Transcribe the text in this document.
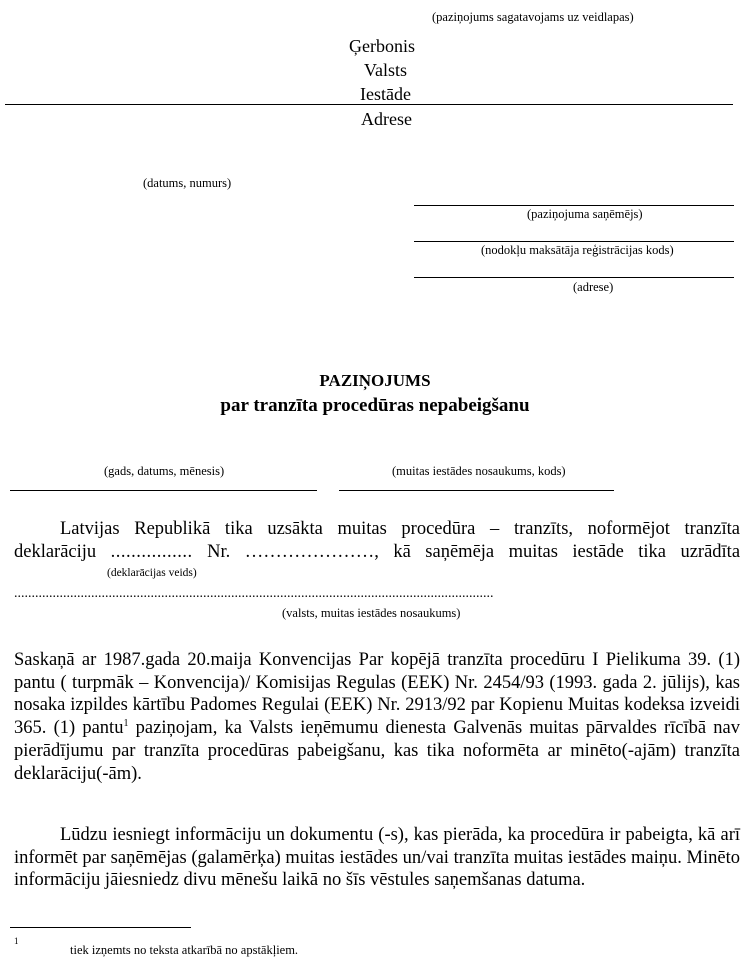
(paziņojums sagatavojams uz veidlapas)
Ģerbonis
Valsts
Iestāde
Adrese
(datums, numurs)
(paziņojuma saņēmējs)
(nodokļu maksātāja reģistrācijas kods)
(adrese)
PAZIŅOJUMS
par tranzīta procedūras nepabeigšanu
(gads, datums, mēnesis)	(muitas iestādes nosaukums, kods)
Latvijas Republikā tika uzsākta muitas procedūra – tranzīts, noformējot tranzīta
deklarāciju ................ Nr. …………………, kā saņēmēja muitas iestāde tika uzrādīta
(deklarācijas veids)
.........................................................................................................................................
(valsts, muitas iestādes nosaukums)
Saskaņā ar 1987.gada 20.maija Konvencijas Par kopējā tranzīta procedūru I Pielikuma 39. (1) pantu ( turpmāk – Konvencija)/ Komisijas Regulas (EEK) Nr. 2454/93 (1993. gada 2. jūlijs), kas nosaka izpildes kārtību Padomes Regulai (EEK) Nr. 2913/92 par Kopienu Muitas kodeksa izveidi 365. (1) pantu$^1$ paziņojam, ka Valsts ieņēmumu dienesta Galvenās muitas pārvaldes rīcībā nav pierādījumu par tranzīta procedūras pabeigšanu, kas tika noformēta ar minēto(-ajām) tranzīta deklarāciju(-ām).
Lūdzu iesniegt informāciju un dokumentu (-s), kas pierāda, ka procedūra ir pabeigta, kā arī informēt par saņēmējas (galamērķa) muitas iestādes un/vai tranzīta muitas iestādes maiņu. Minēto informāciju jāiesniedz divu mēnešu laikā no šīs vēstules saņemšanas datuma.
1
tiek izņemts no teksta atkarībā no apstākļiem.
